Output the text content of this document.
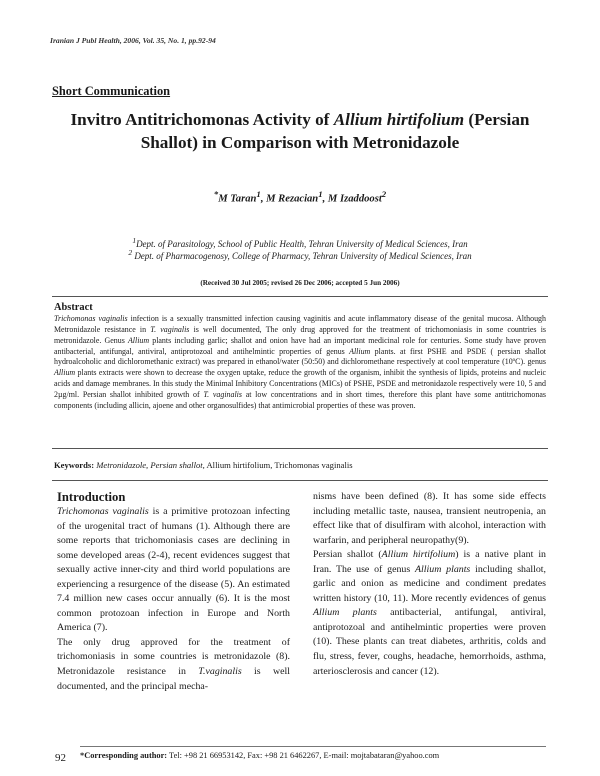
Iranian J Publ Health, 2006, Vol. 35, No. 1, pp.92-94
Short Communication
Invitro Antitrichomonas Activity of Allium hirtifolium (Persian
Shallot) in Comparison with Metronidazole
*M Taran$^1$, M Rezacian$^1$, M Izaddoost$^2$
$^1$Dept. of Parasitology, School of Public Health, Tehran University of Medical Sciences, Iran
$^2$ Dept. of Pharmacogenosy, College of Pharmacy, Tehran University of Medical Sciences, Iran
(Received 30 Jul 2005; revised 26 Dec 2006; accepted 5 Jun 2006)
Abstract
Trichomonas vaginalis infection is a sexually transmitted infection causing vaginitis and acute inflammatory disease of the genital mucosa. Although Metronidazole resistance in T. vaginalis is well documented, The only drug approved for the treatment of trichomoniasis in some countries is metronidazole. Genus Allium plants including garlic; shallot and onion have had an important medicinal role for centuries. Some study have proven antibacterial, antifungal, antiviral, antiprotozoal and antihelmintic properties of genus Allium plants. at first PSHE and PSDE ( persian shallot hydroalcoholic and dichloromethanic extract) was prepared in ethanol/water (50:50) and dichloromethane respectively at cool temperature (10ºC). genus Allium plants extracts were shown to decrease the oxygen uptake, reduce the growth of the organism, inhibit the synthesis of lipids, proteins and nucleic acids and damage membranes. In this study the Minimal Inhibitory Concentrations (MICs) of PSHE, PSDE and metronidazole respectively were 10, 5 and 2µg/ml. Persian shallot inhibited growth of T. vaginalis at low concentrations and in short times, therefore this plant have some antitrichomonas components (including allicin, ajoene and other organosulfides) that antimicrobial properties of these was proven.
Keywords: Metronidazole, Persian shallot, Allium hirtifolium, Trichomonas vaginalis
Introduction

Trichomonas vaginalis is a primitive protozoan infecting of the urogenital tract of humans (1). Although there are some reports that trichomoniasis cases are declining in some developed areas (2-4), recent evidences suggest that sexually active inner-city and third world populations are experiencing a resurgence of the disease (5). An estimated 7.4 million new cases occur annually (6). It is the most common protozoan infection in Europe and North America (7).

The only drug approved for the treatment of trichomoniasis in some countries is metronidazole (8). Metronidazole resistance in T.vaginalis is well documented, and the principal mecha-

nisms have been defined (8). It has some side effects including metallic taste, nausea, transient neutropenia, an effect like that of disulfiram with alcohol, interaction with warfarin, and peripheral neuropathy(9).

Persian shallot (Allium hirtifolium) is a native plant in Iran. The use of genus Allium plants including shallot, garlic and onion as medicine and condiment predates written history (10, 11). More recently evidences of genus Allium plants antibacterial, antifungal, antiviral, antiprotozoal and antihelmintic properties were proven (10). These plants can treat diabetes, arthritis, colds and flu, stress, fever, coughs, headache, hemorrhoids, asthma, arteriosclerosis and cancer (12).

92 *Corresponding author: Tel: +98 21 66953142, Fax: +98 21 6462267, E-mail: mojtabataran@yahoo.com
